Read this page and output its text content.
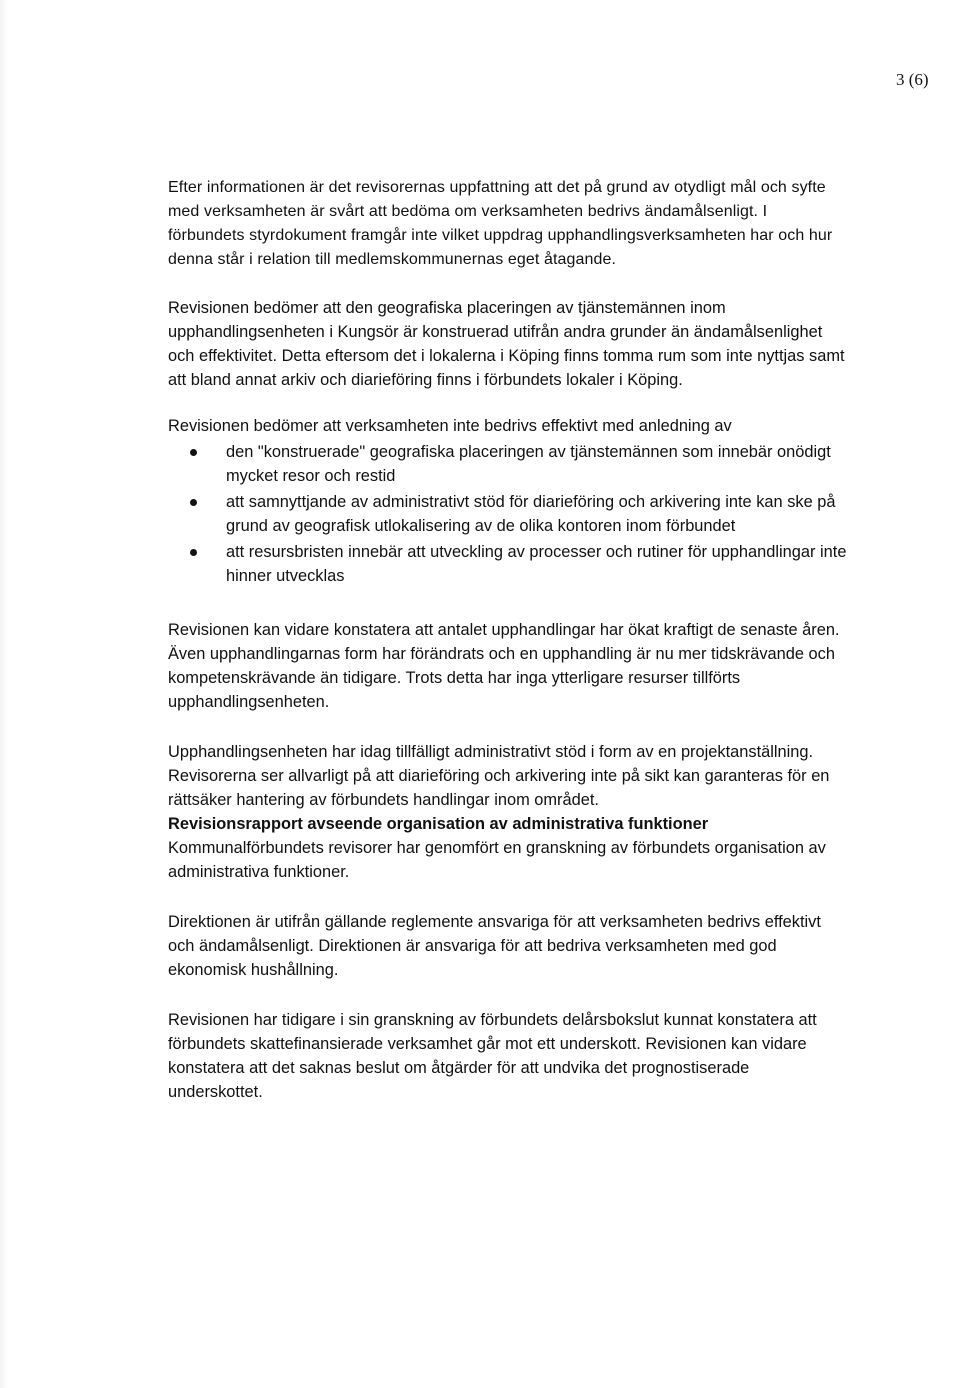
3 (6)

Efter informationen är det revisorernas uppfattning att det på grund av otydligt mål och syfte med verksamheten är svårt att bedöma om verksamheten bedrivs ändamålsenligt. I förbundets styrdokument framgår inte vilket uppdrag upphandlingsverksamheten har och hur denna står i relation till medlemskommunernas eget åtagande.

Revisionen bedömer att den geografiska placeringen av tjänstemännen inom upphandlingsenheten i Kungsör är konstruerad utifrån andra grunder än ändamålsenlighet och effektivitet. Detta eftersom det i lokalerna i Köping finns tomma rum som inte nyttjas samt att bland annat arkiv och diarieföring finns i förbundets lokaler i Köping.

Revisionen bedömer att verksamheten inte bedrivs effektivt med anledning av

den "konstruerade" geografiska placeringen av tjänstemännen som innebär onödigt mycket resor och restid
att samnyttjande av administrativt stöd för diarieföring och arkivering inte kan ske på grund av geografisk utlokalisering av de olika kontoren inom förbundet
att resursbristen innebär att utveckling av processer och rutiner för upphandlingar inte hinner utvecklas

Revisionen kan vidare konstatera att antalet upphandlingar har ökat kraftigt de senaste åren. Även upphandlingarnas form har förändrats och en upphandling är nu mer tidskrävande och kompetenskrävande än tidigare. Trots detta har inga ytterligare resurser tillförts upphandlingsenheten.

Upphandlingsenheten har idag tillfälligt administrativt stöd i form av en projektanställning. Revisorerna ser allvarligt på att diarieföring och arkivering inte på sikt kan garanteras för en rättsäker hantering av förbundets handlingar inom området.

Revisionsrapport avseende organisation av administrativa funktioner

Kommunalförbundets revisorer har genomfört en granskning av förbundets organisation av administrativa funktioner.

Direktionen är utifrån gällande reglemente ansvariga för att verksamheten bedrivs effektivt och ändamålsenligt. Direktionen är ansvariga för att bedriva verksamheten med god ekonomisk hushållning.

Revisionen har tidigare i sin granskning av förbundets delårsbokslut kunnat konstatera att förbundets skattefinansierade verksamhet går mot ett underskott. Revisionen kan vidare konstatera att det saknas beslut om åtgärder för att undvika det prognostiserade underskottet.
